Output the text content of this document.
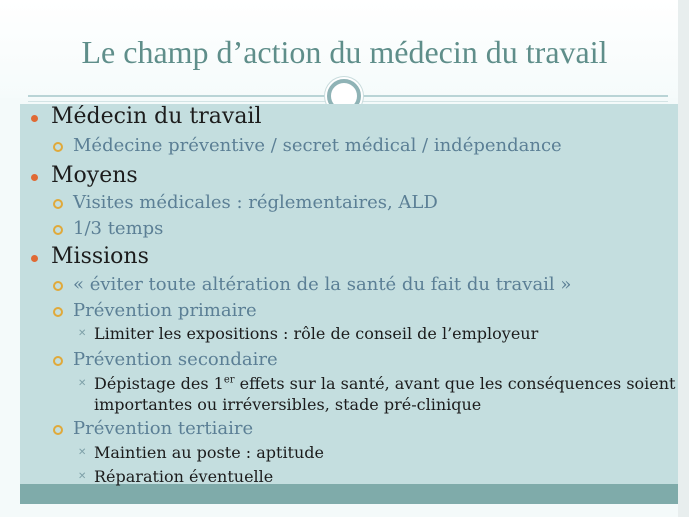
Le champ d’action du médecin du travail
Médecin du travail
Médecine préventive / secret médical / indépendance
Moyens
Visites médicales : réglementaires, ALD
1/3 temps
Missions
« éviter toute altération de la santé du fait du travail »
Prévention primaire
✕ Limiter les expositions : rôle de conseil de l’employeur
Prévention secondaire
✕ Dépistage des 1er effets sur la santé, avant que les conséquences soient
importantes ou irréversibles, stade pré-clinique
Prévention tertiaire
✕ Maintien au poste : aptitude
✕ Réparation éventuelle
